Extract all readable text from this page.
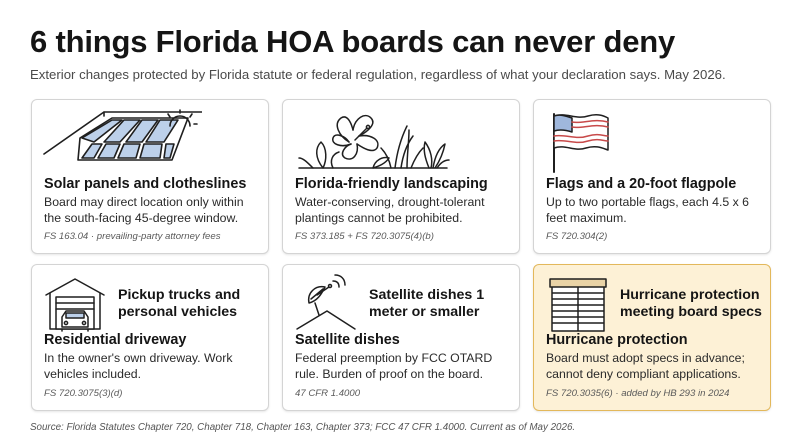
6 things Florida HOA boards can never deny
Exterior changes protected by Florida statute or federal regulation, regardless of what your declaration says. May 2026.
Solar panels and clotheslines
Board may direct location only within the south-facing 45-degree window.
FS 163.04 · prevailing-party attorney fees
Florida-friendly landscaping
Water-conserving, drought-tolerant plantings cannot be prohibited.
FS 373.185 + FS 720.3075(4)(b)
Flags and a 20-foot flagpole
Up to two portable flags, each 4.5 x 6 feet maximum.
FS 720.304(2)
Pickup trucks and personal vehicles
Residential driveway
In the owner's own driveway. Work vehicles included.
FS 720.3075(3)(d)
Satellite dishes 1 meter or smaller
Satellite dishes
Federal preemption by FCC OTARD rule. Burden of proof on the board.
47 CFR 1.4000
Hurricane protection meeting board specs
Hurricane protection
Board must adopt specs in advance; cannot deny compliant applications.
FS 720.3035(6) · added by HB 293 in 2024
Source: Florida Statutes Chapter 720, Chapter 718, Chapter 163, Chapter 373; FCC 47 CFR 1.4000. Current as of May 2026.
